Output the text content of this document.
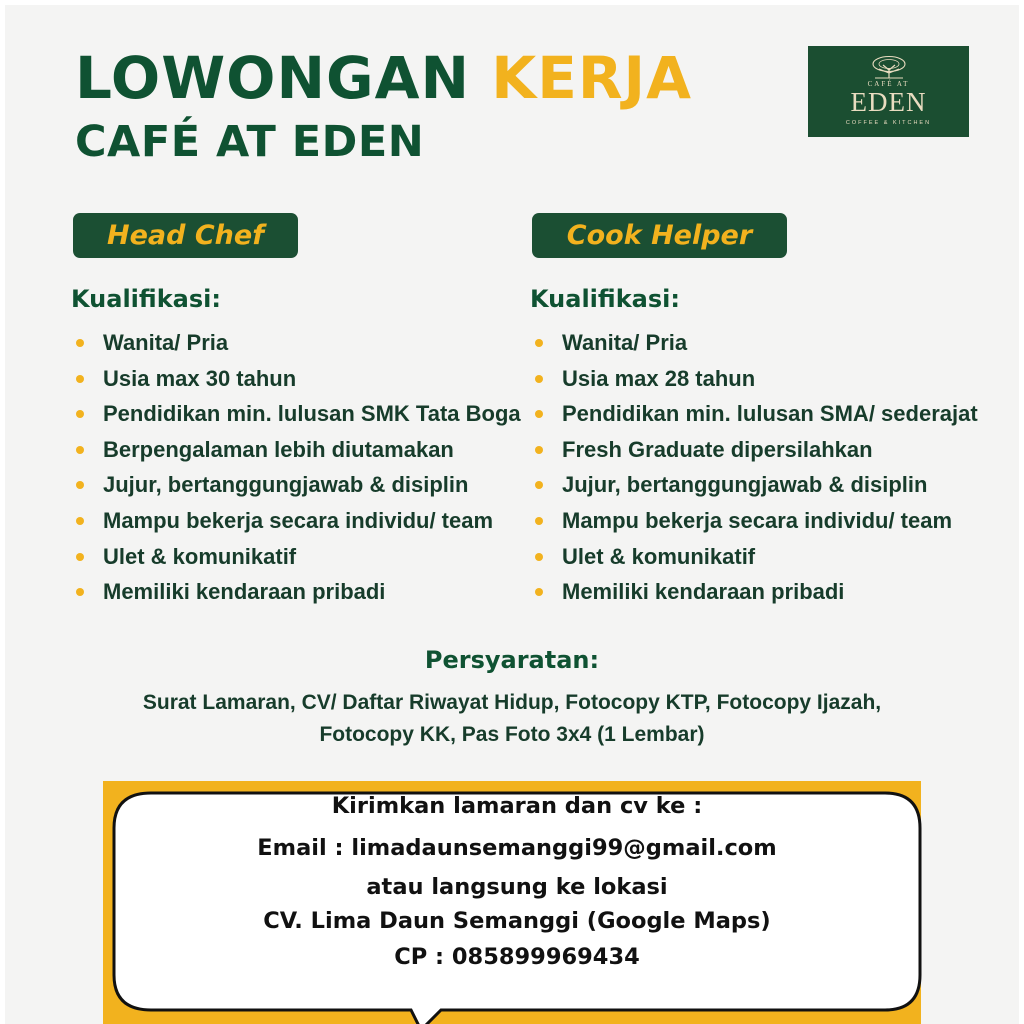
LOWONGAN KERJA
CAFÉ AT EDEN
CAFÉ AT
EDEN
COFFEE & KITCHEN
Head Chef	Cook Helper
Kualifikasi:
Wanita/ Pria
Usia max 30 tahun
Pendidikan min. lulusan SMK Tata Boga
Berpengalaman lebih diutamakan
Jujur, bertanggungjawab & disiplin
Mampu bekerja secara individu/ team
Ulet & komunikatif
Memiliki kendaraan pribadi
Kualifikasi:
Wanita/ Pria
Usia max 28 tahun
Pendidikan min. lulusan SMA/ sederajat
Fresh Graduate dipersilahkan
Jujur, bertanggungjawab & disiplin
Mampu bekerja secara individu/ team
Ulet & komunikatif
Memiliki kendaraan pribadi
Persyaratan:
Surat Lamaran, CV/ Daftar Riwayat Hidup, Fotocopy KTP, Fotocopy Ijazah,
Fotocopy KK, Pas Foto 3x4 (1 Lembar)
Kirimkan lamaran dan cv ke :
Email : limadaunsemanggi99@gmail.com
atau langsung ke lokasi
CV. Lima Daun Semanggi (Google Maps)
CP : 085899969434
